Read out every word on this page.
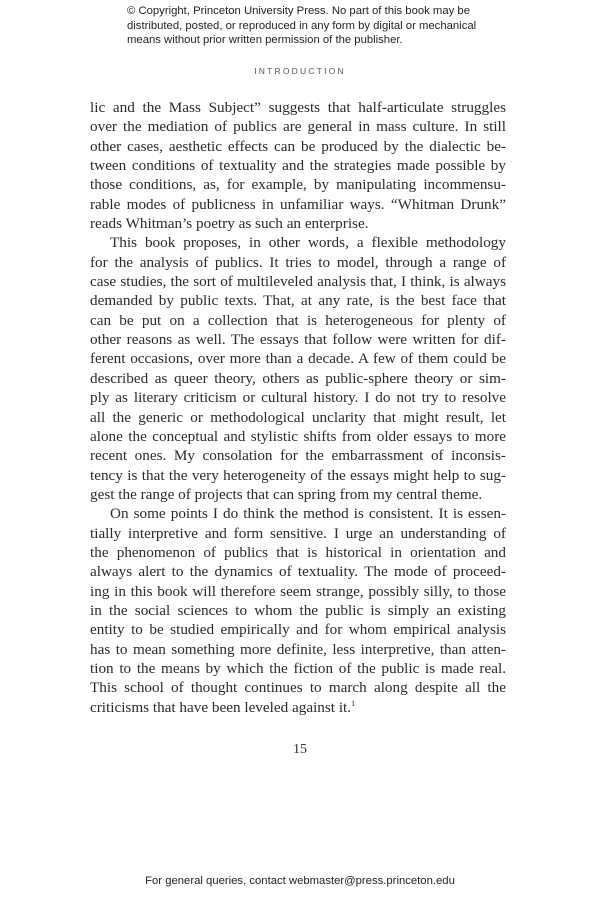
© Copyright, Princeton University Press. No part of this book may be
distributed, posted, or reproduced in any form by digital or mechanical
means without prior written permission of the publisher.
INTRODUCTION
lic and the Mass Subject” suggests that half-articulate struggles
over the mediation of publics are general in mass culture. In still
other cases, aesthetic effects can be produced by the dialectic be-
tween conditions of textuality and the strategies made possible by
those conditions, as, for example, by manipulating incommensu-
rable modes of publicness in unfamiliar ways. “Whitman Drunk”
reads Whitman’s poetry as such an enterprise.
This book proposes, in other words, a flexible methodology
for the analysis of publics. It tries to model, through a range of
case studies, the sort of multileveled analysis that, I think, is always
demanded by public texts. That, at any rate, is the best face that
can be put on a collection that is heterogeneous for plenty of
other reasons as well. The essays that follow were written for dif-
ferent occasions, over more than a decade. A few of them could be
described as queer theory, others as public-sphere theory or sim-
ply as literary criticism or cultural history. I do not try to resolve
all the generic or methodological unclarity that might result, let
alone the conceptual and stylistic shifts from older essays to more
recent ones. My consolation for the embarrassment of inconsis-
tency is that the very heterogeneity of the essays might help to sug-
gest the range of projects that can spring from my central theme.
On some points I do think the method is consistent. It is essen-
tially interpretive and form sensitive. I urge an understanding of
the phenomenon of publics that is historical in orientation and
always alert to the dynamics of textuality. The mode of proceed-
ing in this book will therefore seem strange, possibly silly, to those
in the social sciences to whom the public is simply an existing
entity to be studied empirically and for whom empirical analysis
has to mean something more definite, less interpretive, than atten-
tion to the means by which the fiction of the public is made real.
This school of thought continues to march along despite all the
criticisms that have been leveled against it.$^1$
15
For general queries, contact webmaster@press.princeton.edu
